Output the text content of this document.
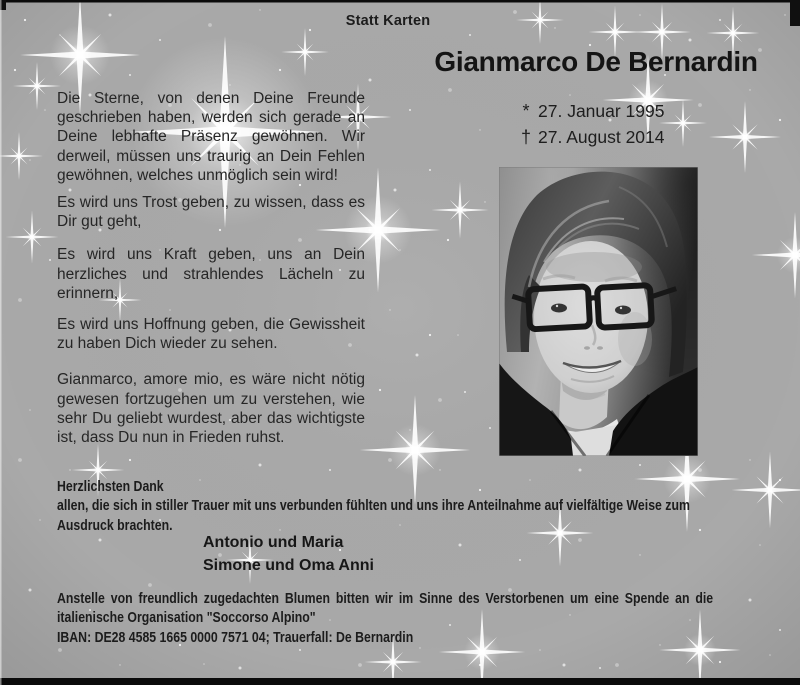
Statt Karten
Gianmarco De Bernardin
* 27. Januar 1995
† 27. August 2014

Die Sterne, von denen Deine Freunde geschrieben haben, werden sich gerade an Deine lebhafte Präsenz gewöhnen. Wir derweil, müssen uns traurig an Dein Fehlen gewöhnen, welches unmöglich sein wird!

Es wird uns Trost geben, zu wissen, dass es Dir gut geht,

Es wird uns Kraft geben, uns an Dein herzliches und strahlendes Lächeln zu erinnern,

Es wird uns Hoffnung geben, die Gewissheit zu haben Dich wieder zu sehen.

Gianmarco, amore mio, es wäre nicht nötig gewesen fortzugehen um zu verstehen, wie sehr Du geliebt wurdest, aber das wichtigste ist, dass Du nun in Frieden ruhst.

Herzlichsten Dank
allen, die sich in stiller Trauer mit uns verbunden fühlten und uns ihre Anteilnahme auf vielfältige Weise zum
Ausdruck brachten.
Antonio und Maria
Simone und Oma Anni
Anstelle von freundlich zugedachten Blumen bitten wir im Sinne des Verstorbenen um eine Spende an die
italienische Organisation "Soccorso Alpino"
IBAN: DE28 4585 1665 0000 7571 04; Trauerfall: De Bernardin
